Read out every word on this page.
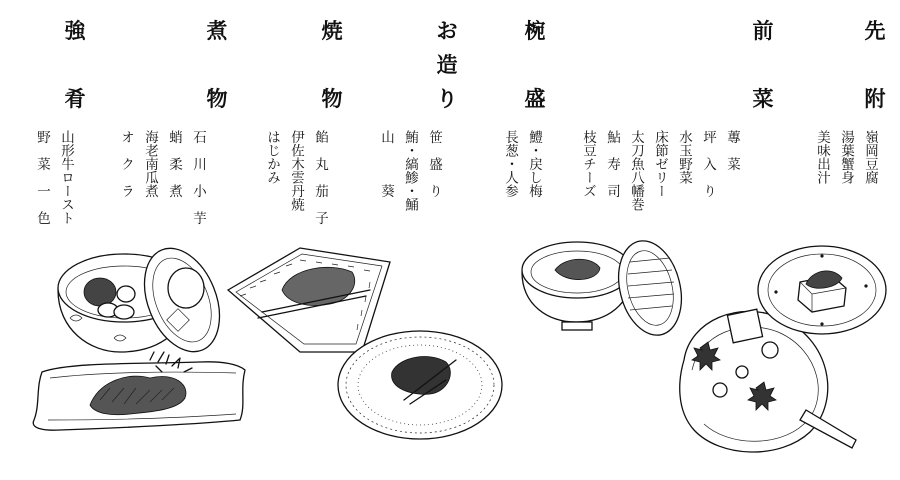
先
附
嶺岡豆腐
湯葉蟹身
美味出汁
前
菜
蓴　菜
坪　入　り
水玉野菜
床節ゼリー
太刀魚八幡巻
鮎　寿　司
枝豆チーズ
椀
盛
鱧・戻し梅
長葱・人参
お
造
り
笹　盛　り
鮪・縞鯵・鯒
山　　　葵
焼
物
餡　丸　茄　子
伊佐木雲丹焼
はじかみ
煮
物
石　川　小　芋
蛸　柔　煮
海老南瓜煮
オ　ク　ラ
強
肴
山形牛ロースト
野　菜　一　色
